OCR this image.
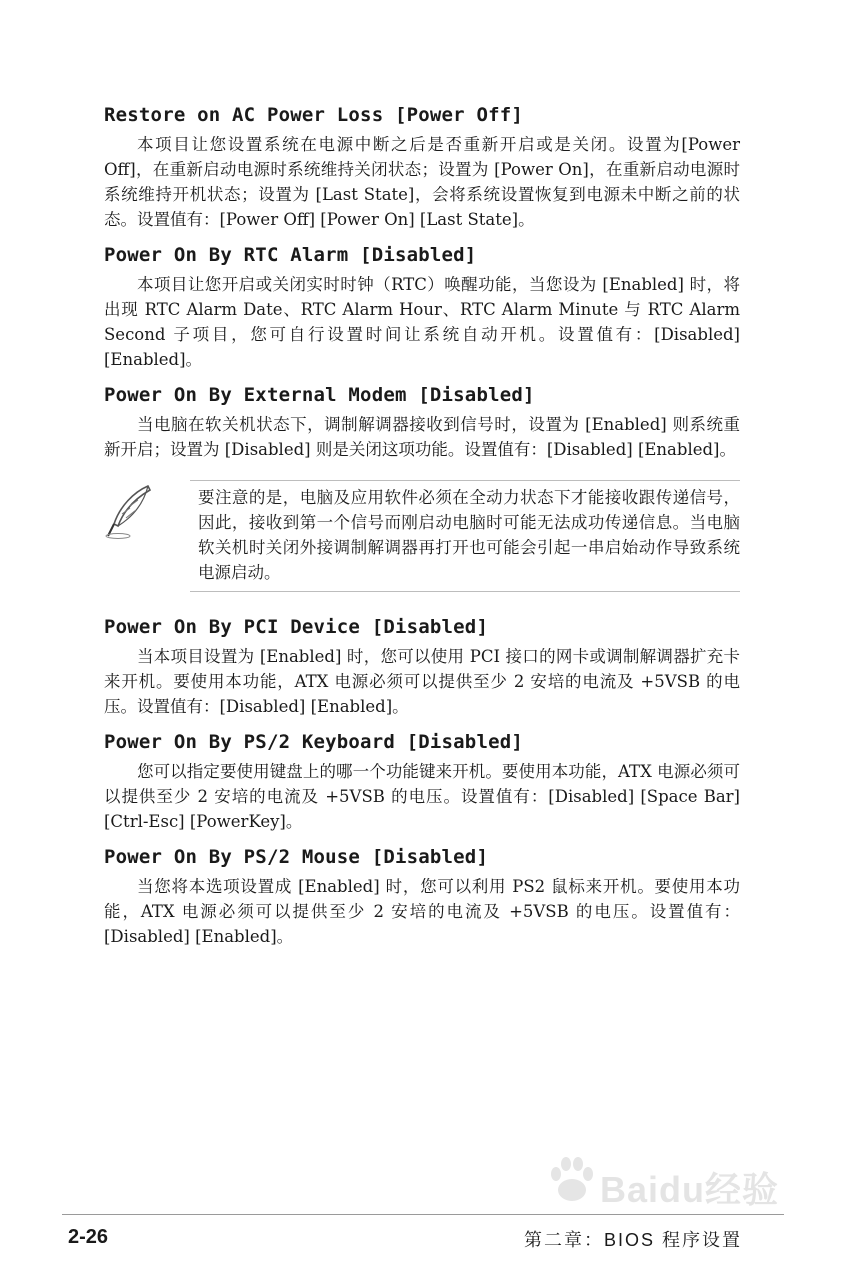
Restore on AC Power Loss [Power Off]

本项目让您设置系统在电源中断之后是否重新开启或是关闭。设置为[Power Off]，在重新启动电源时系统维持关闭状态；设置为 [Power On]，在重新启动电源时系统维持开机状态；设置为 [Last State]，会将系统设置恢复到电源未中断之前的状态。设置值有：[Power Off] [Power On] [Last State]。

Power On By RTC Alarm [Disabled]

本项目让您开启或关闭实时时钟（RTC）唤醒功能，当您设为 [Enabled] 时，将出现 RTC Alarm Date、RTC Alarm Hour、RTC Alarm Minute 与 RTC Alarm Second 子项目，您可自行设置时间让系统自动开机。设置值有：[Disabled] [Enabled]。

Power On By External Modem [Disabled]

当电脑在软关机状态下，调制解调器接收到信号时，设置为 [Enabled] 则系统重新开启；设置为 [Disabled] 则是关闭这项功能。设置值有：[Disabled] [Enabled]。

要注意的是，电脑及应用软件必须在全动力状态下才能接收跟传递信号，因此，接收到第一个信号而刚启动电脑时可能无法成功传递信息。当电脑软关机时关闭外接调制解调器再打开也可能会引起一串启始动作导致系统电源启动。

Power On By PCI Device [Disabled]

当本项目设置为 [Enabled] 时，您可以使用 PCI 接口的网卡或调制解调器扩充卡来开机。要使用本功能，ATX 电源必须可以提供至少 2 安培的电流及 +5VSB 的电压。设置值有：[Disabled] [Enabled]。

Power On By PS/2 Keyboard [Disabled]

您可以指定要使用键盘上的哪一个功能键来开机。要使用本功能，ATX 电源必须可以提供至少 2 安培的电流及 +5VSB 的电压。设置值有：[Disabled] [Space Bar] [Ctrl-Esc] [PowerKey]。

Power On By PS/2 Mouse [Disabled]

当您将本选项设置成 [Enabled] 时，您可以利用 PS2 鼠标来开机。要使用本功能，ATX 电源必须可以提供至少 2 安培的电流及 +5VSB 的电压。设置值有：[Disabled] [Enabled]。

Baidu经验
2-26	第二章：BIOS 程序设置
